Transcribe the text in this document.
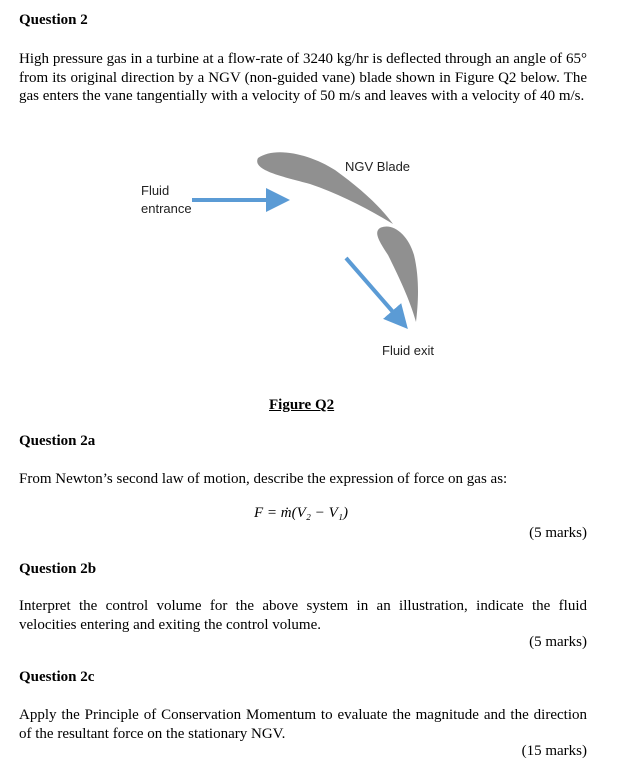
Question 2
High pressure gas in a turbine at a flow-rate of 3240 kg/hr is deflected through an angle of 65° from its original direction by a NGV (non-guided vane) blade shown in Figure Q2 below. The gas enters the vane tangentially with a velocity of 50 m/s and leaves with a velocity of 40 m/s.
NGV Blade
Fluid
entrance
Fluid exit
Figure Q2
Question 2a
From Newton’s second law of motion, describe the expression of force on gas as:
F = ṁ(V₂ − V₁)
(5 marks)
Question 2b
Interpret the control volume for the above system in an illustration, indicate the fluid velocities entering and exiting the control volume.
(5 marks)
Question 2c
Apply the Principle of Conservation Momentum to evaluate the magnitude and the direction of the resultant force on the stationary NGV.
(15 marks)
